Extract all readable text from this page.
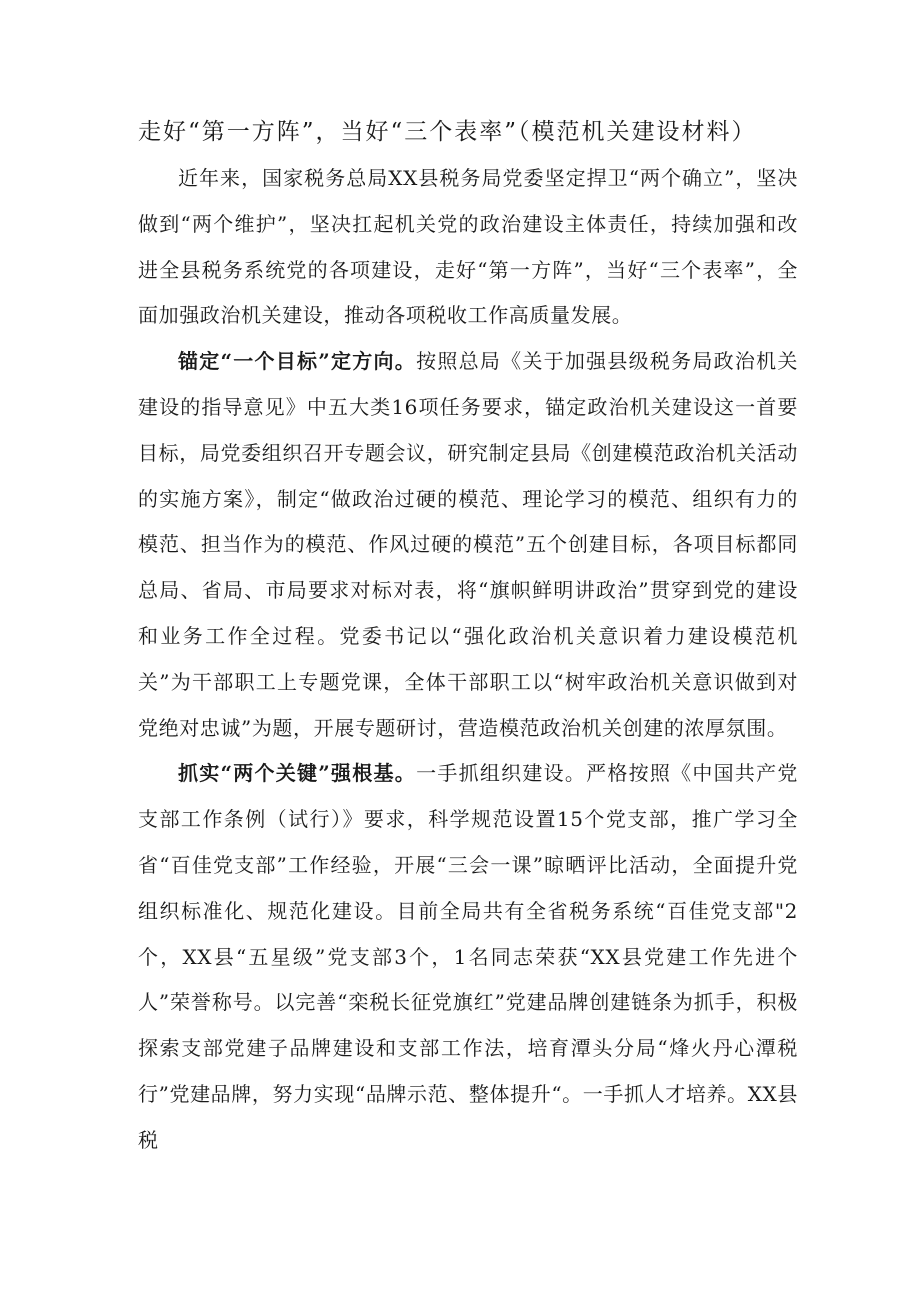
走好“第一方阵”，当好“三个表率”（模范机关建设材料）

近年来，国家税务总局XX县税务局党委坚定捍卫“两个确立”，坚决做到“两个维护”，坚决扛起机关党的政治建设主体责任，持续加强和改进全县税务系统党的各项建设，走好“第一方阵”，当好“三个表率”，全面加强政治机关建设，推动各项税收工作高质量发展。

锚定“一个目标”定方向。按照总局《关于加强县级税务局政治机关建设的指导意见》中五大类16项任务要求，锚定政治机关建设这一首要目标，局党委组织召开专题会议，研究制定县局《创建模范政治机关活动的实施方案》，制定“做政治过硬的模范、理论学习的模范、组织有力的模范、担当作为的模范、作风过硬的模范”五个创建目标，各项目标都同总局、省局、市局要求对标对表，将“旗帜鲜明讲政治”贯穿到党的建设和业务工作全过程。党委书记以“强化政治机关意识着力建设模范机关”为干部职工上专题党课，全体干部职工以“树牢政治机关意识做到对党绝对忠诚”为题，开展专题研讨，营造模范政治机关创建的浓厚氛围。

抓实“两个关键”强根基。一手抓组织建设。严格按照《中国共产党支部工作条例（试行）》要求，科学规范设置15个党支部，推广学习全省“百佳党支部”工作经验，开展“三会一课”晾晒评比活动，全面提升党组织标准化、规范化建设。目前全局共有全省税务系统“百佳党支部"2个，XX县“五星级”党支部3个，1名同志荣获“XX县党建工作先进个人”荣誉称号。以完善“栾税长征党旗红”党建品牌创建链条为抓手，积极探索支部党建子品牌建设和支部工作法，培育潭头分局“烽火丹心潭税行”党建品牌，努力实现“品牌示范、整体提升“。一手抓人才培养。XX县税
